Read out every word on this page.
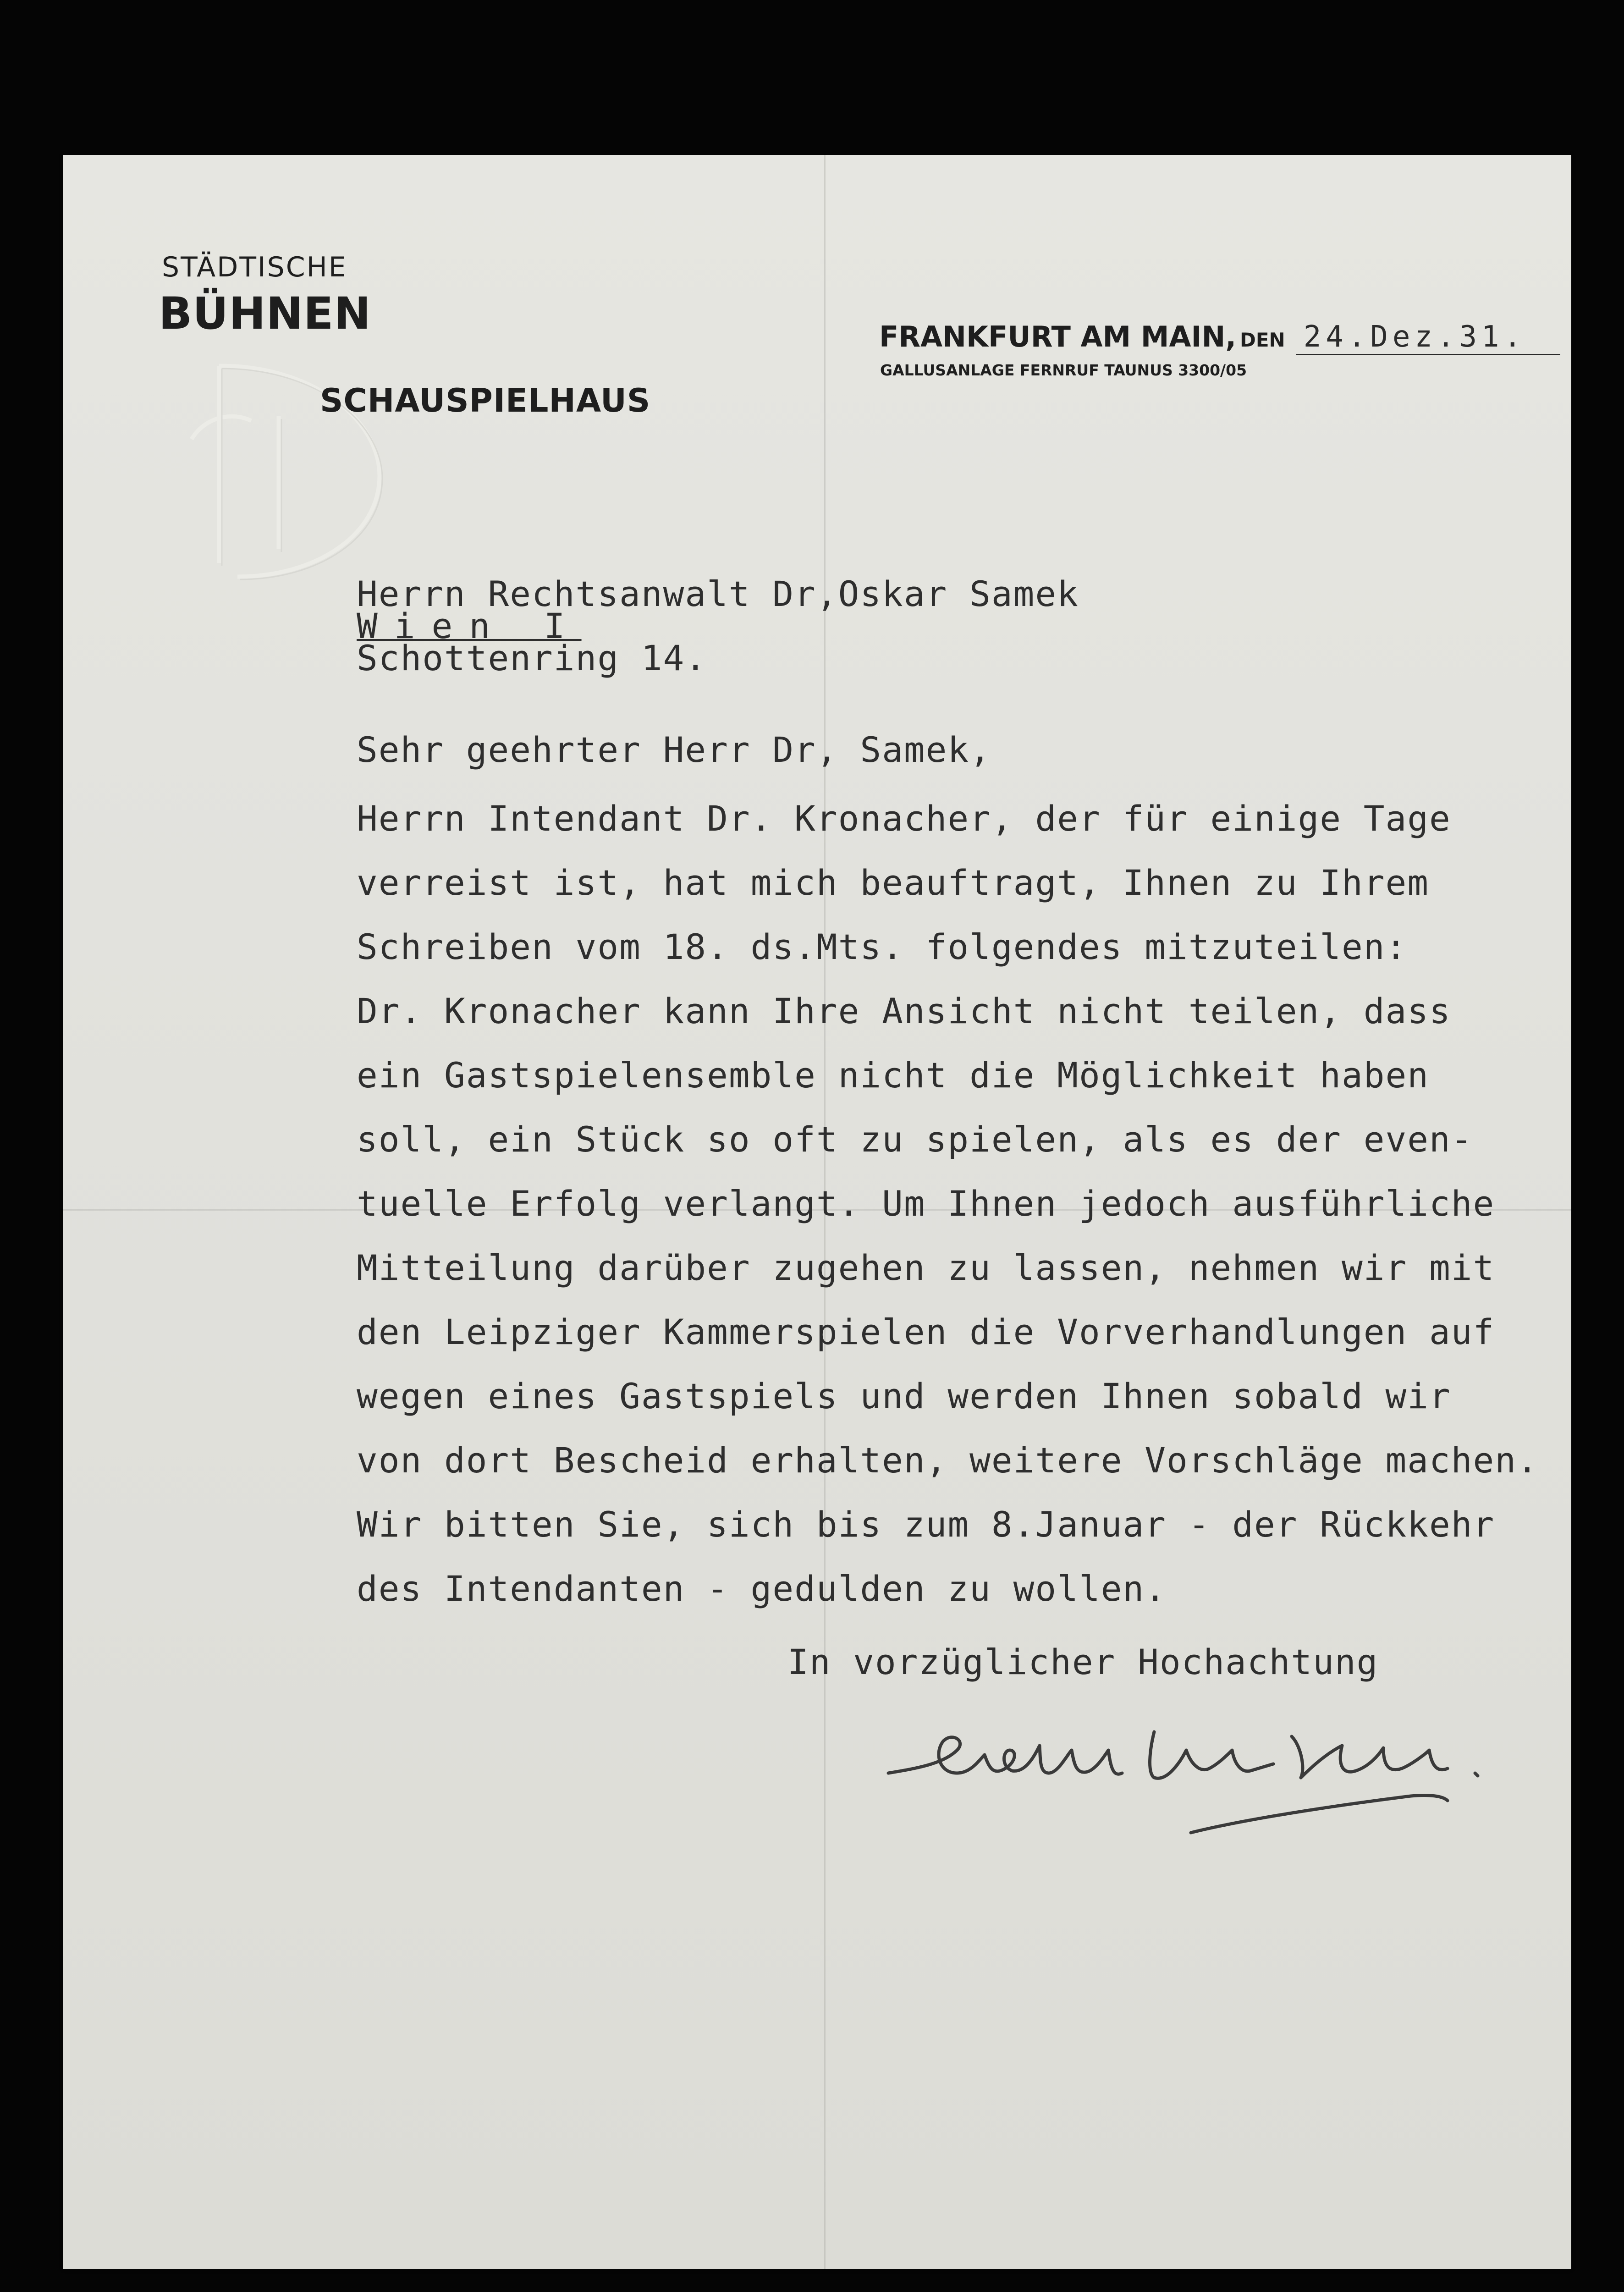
STÄDTISCHE
BÜHNEN
SCHAUSPIELHAUS
FRANKFURT AM MAIN, DEN 24.Dez.31.
GALLUSANLAGE FERNRUF TAUNUS 3300/05

Herrn Rechtsanwalt Dr,Oskar Samek

Wien I

Schottenring 14.

Sehr geehrter Herr Dr, Samek,

Herrn Intendant Dr. Kronacher, der für einige Tage

verreist ist, hat mich beauftragt, Ihnen zu Ihrem

Schreiben vom 18. ds.Mts. folgendes mitzuteilen:

Dr. Kronacher kann Ihre Ansicht nicht teilen, dass

ein Gastspielensemble nicht die Möglichkeit haben

soll, ein Stück so oft zu spielen, als es der even-

tuelle Erfolg verlangt. Um Ihnen jedoch ausführliche

Mitteilung darüber zugehen zu lassen, nehmen wir mit

den Leipziger Kammerspielen die Vorverhandlungen auf

wegen eines Gastspiels und werden Ihnen sobald wir

von dort Bescheid erhalten, weitere Vorschläge machen.

Wir bitten Sie, sich bis zum 8.Januar - der Rückkehr

des Intendanten - gedulden zu wollen.

In vorzüglicher Hochachtung
